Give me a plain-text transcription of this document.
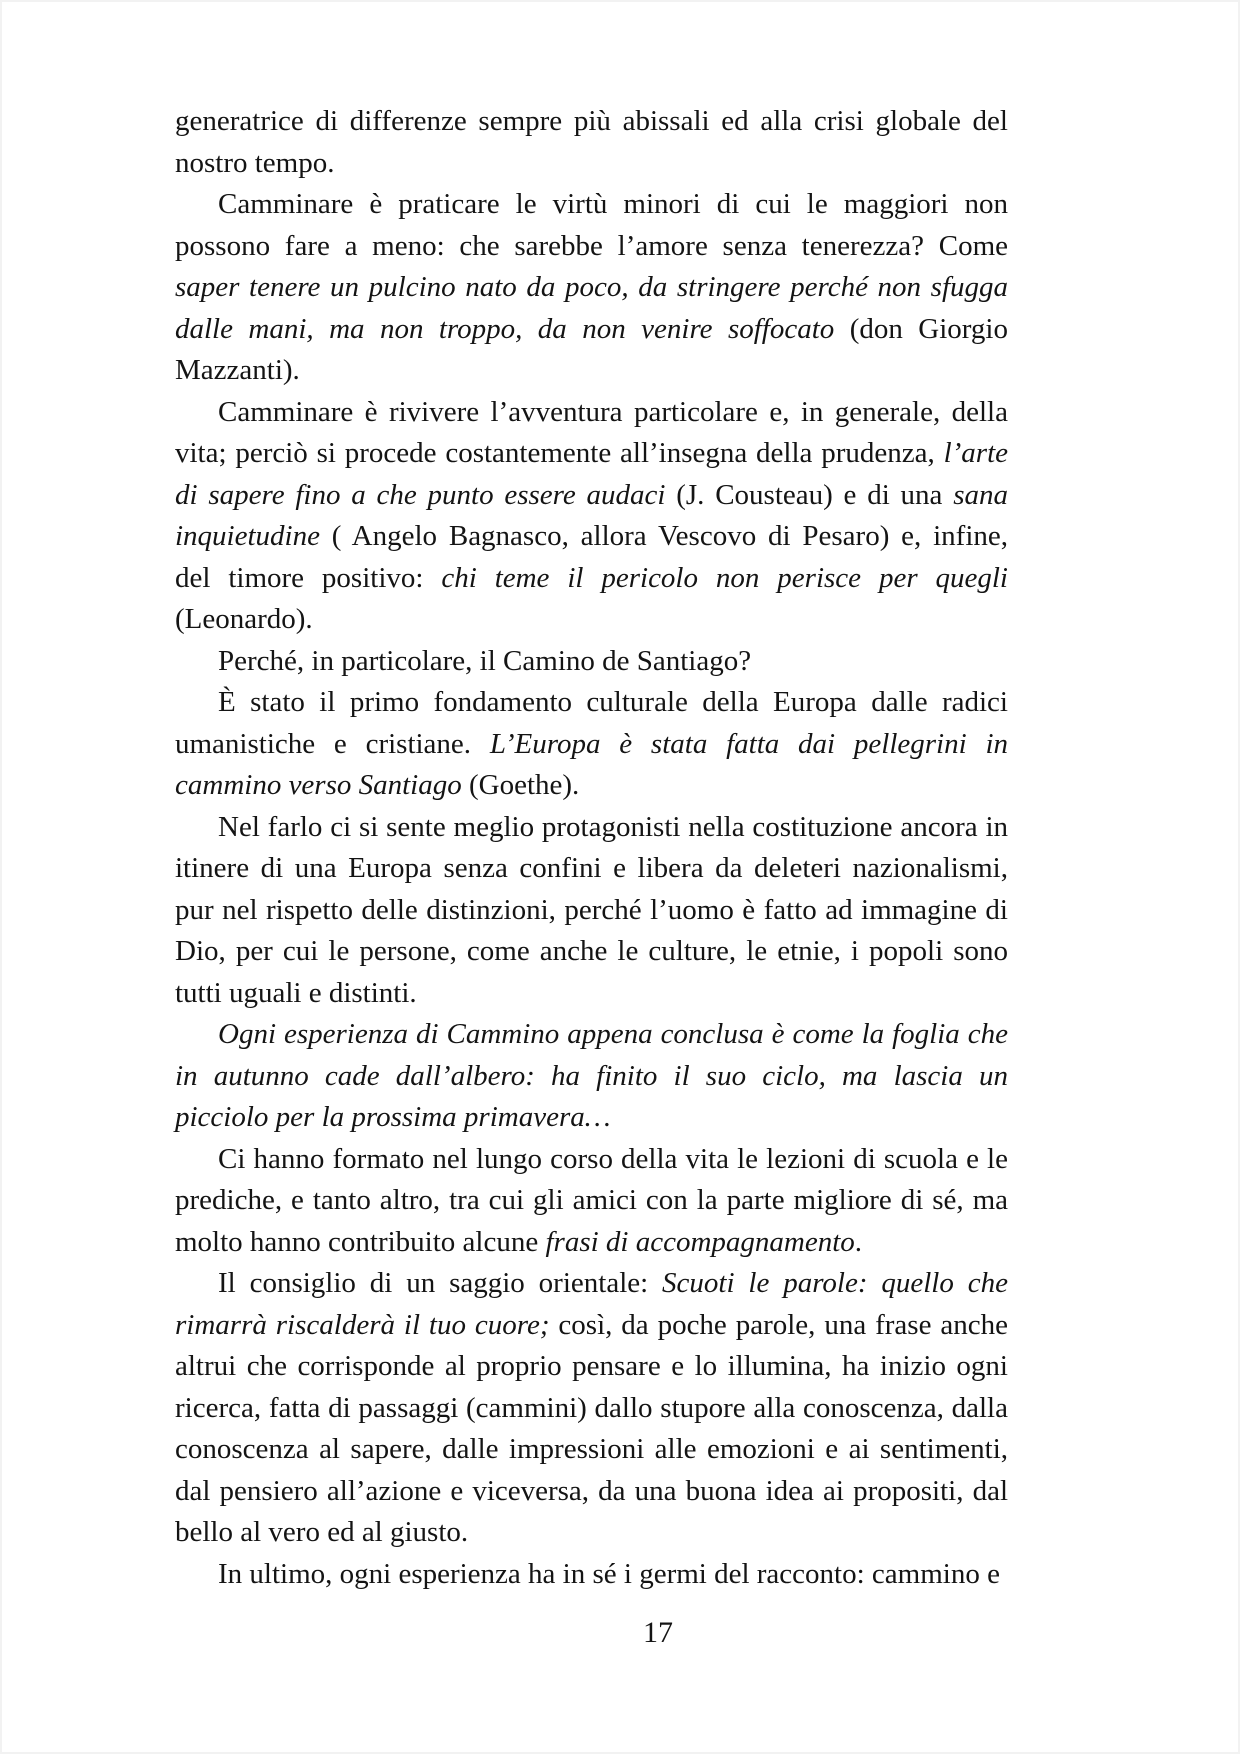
generatrice di differenze sempre più abissali ed alla crisi globale del nostro tempo.

Camminare è praticare le virtù minori di cui le maggiori non possono fare a meno: che sarebbe l’amore senza tenerezza? Come saper tenere un pulcino nato da poco, da stringere perché non sfugga dalle mani, ma non troppo, da non venire soffocato (don Giorgio Mazzanti).

Camminare è rivivere l’avventura particolare e, in generale, della vita; perciò si procede costantemente all’insegna della prudenza, l’arte di sapere fino a che punto essere audaci (J. Cousteau) e di una sana inquietudine ( Angelo Bagnasco, allora Vescovo di Pesaro) e, infine, del timore positivo: chi teme il pericolo non perisce per quegli (Leonardo).

Perché, in particolare, il Camino de Santiago?

È stato il primo fondamento culturale della Europa dalle radici umanistiche e cristiane. L’Europa è stata fatta dai pellegrini in cammino verso Santiago (Goethe).

Nel farlo ci si sente meglio protagonisti nella costituzione ancora in itinere di una Europa senza confini e libera da deleteri nazionalismi, pur nel rispetto delle distinzioni, perché l’uomo è fatto ad immagine di Dio, per cui le persone, come anche le culture, le etnie, i popoli sono tutti uguali e distinti.

Ogni esperienza di Cammino appena conclusa è come la foglia che in autunno cade dall’albero: ha finito il suo ciclo, ma lascia un picciolo per la prossima primavera…

Ci hanno formato nel lungo corso della vita le lezioni di scuola e le prediche, e tanto altro, tra cui gli amici con la parte migliore di sé, ma molto hanno contribuito alcune frasi di accompagnamento.

Il consiglio di un saggio orientale: Scuoti le parole: quello che rimarrà riscalderà il tuo cuore; così, da poche parole, una frase anche altrui che corrisponde al proprio pensare e lo illumina, ha inizio ogni ricerca, fatta di passaggi (cammini) dallo stupore alla conoscenza, dalla conoscenza al sapere, dalle impressioni alle emozioni e ai sentimenti, dal pensiero all’azione e viceversa, da una buona idea ai propositi, dal bello al vero ed al giusto.

In ultimo, ogni esperienza ha in sé i germi del racconto: cammino e

17
